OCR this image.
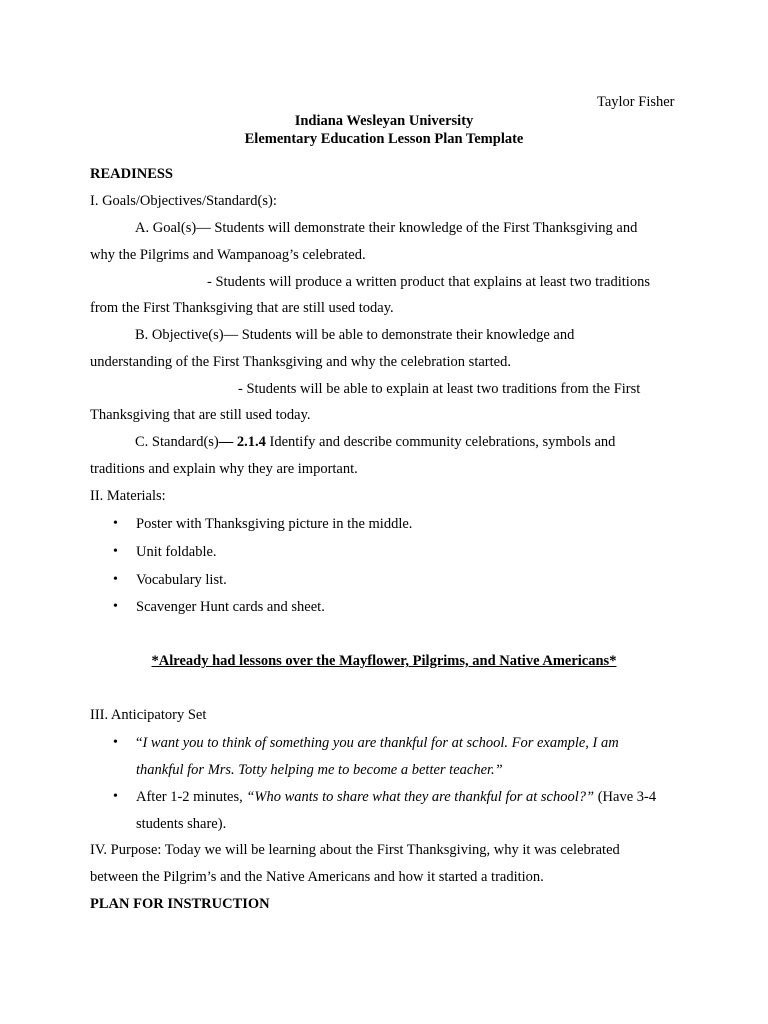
Taylor Fisher
Indiana Wesleyan University
Elementary Education Lesson Plan Template
READINESS
I. Goals/Objectives/Standard(s):
A. Goal(s)— Students will demonstrate their knowledge of the First Thanksgiving and
why the Pilgrims and Wampanoag’s celebrated.
- Students will produce a written product that explains at least two traditions
from the First Thanksgiving that are still used today.
B. Objective(s)— Students will be able to demonstrate their knowledge and
understanding of the First Thanksgiving and why the celebration started.
- Students will be able to explain at least two traditions from the First
Thanksgiving that are still used today.
C. Standard(s)— 2.1.4 Identify and describe community celebrations, symbols and
traditions and explain why they are important.
II. Materials:
• Poster with Thanksgiving picture in the middle.
• Unit foldable.
• Vocabulary list.
• Scavenger Hunt cards and sheet.
*Already had lessons over the Mayflower, Pilgrims, and Native Americans*
III. Anticipatory Set
• “I want you to think of something you are thankful for at school. For example, I am
thankful for Mrs. Totty helping me to become a better teacher.”
• After 1-2 minutes, “Who wants to share what they are thankful for at school?” (Have 3-4
students share).
IV. Purpose: Today we will be learning about the First Thanksgiving, why it was celebrated
between the Pilgrim’s and the Native Americans and how it started a tradition.
PLAN FOR INSTRUCTION
